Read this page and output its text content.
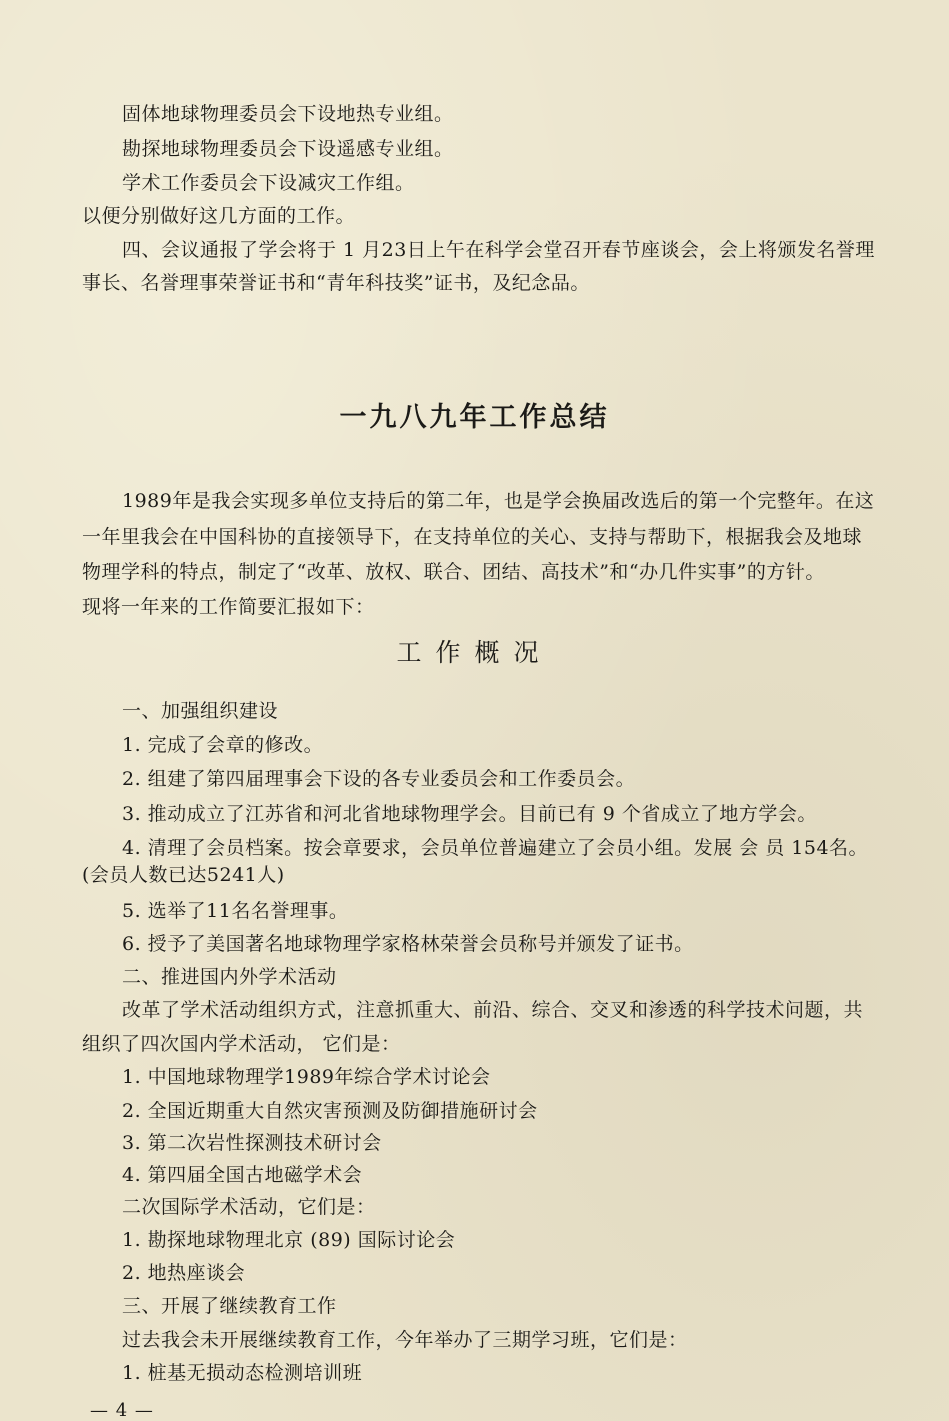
固体地球物理委员会下设地热专业组。
勘探地球物理委员会下设遥感专业组。
学术工作委员会下设减灾工作组。
以便分别做好这几方面的工作。
四、会议通报了学会将于 1 月23日上午在科学会堂召开春节座谈会，会上将颁发名誉理
事长、名誉理事荣誉证书和“青年科技奖”证书，及纪念品。
一九八九年工作总结
1989年是我会实现多单位支持后的第二年，也是学会换届改选后的第一个完整年。在这
一年里我会在中国科协的直接领导下，在支持单位的关心、支持与帮助下，根据我会及地球
物理学科的特点，制定了“改革、放权、联合、团结、高技术”和“办几件实事”的方针。
现将一年来的工作简要汇报如下：
工作概况
一、加强组织建设
1. 完成了会章的修改。
2. 组建了第四届理事会下设的各专业委员会和工作委员会。
3. 推动成立了江苏省和河北省地球物理学会。目前已有 9 个省成立了地方学会。
4. 清理了会员档案。按会章要求，会员单位普遍建立了会员小组。发展 会 员 154名。
(会员人数已达5241人)
5. 选举了11名名誉理事。
6. 授予了美国著名地球物理学家格林荣誉会员称号并颁发了证书。
二、推进国内外学术活动
改革了学术活动组织方式，注意抓重大、前沿、综合、交叉和渗透的科学技术问题，共
组织了四次国内学术活动， 它们是：
1. 中国地球物理学1989年综合学术讨论会
2. 全国近期重大自然灾害预测及防御措施研讨会
3. 第二次岩性探测技术研讨会
4. 第四届全国古地磁学术会
二次国际学术活动，它们是：
1. 勘探地球物理北京 (89) 国际讨论会
2. 地热座谈会
三、开展了继续教育工作
过去我会未开展继续教育工作，今年举办了三期学习班，它们是：
1. 桩基无损动态检测培训班
— 4 —
